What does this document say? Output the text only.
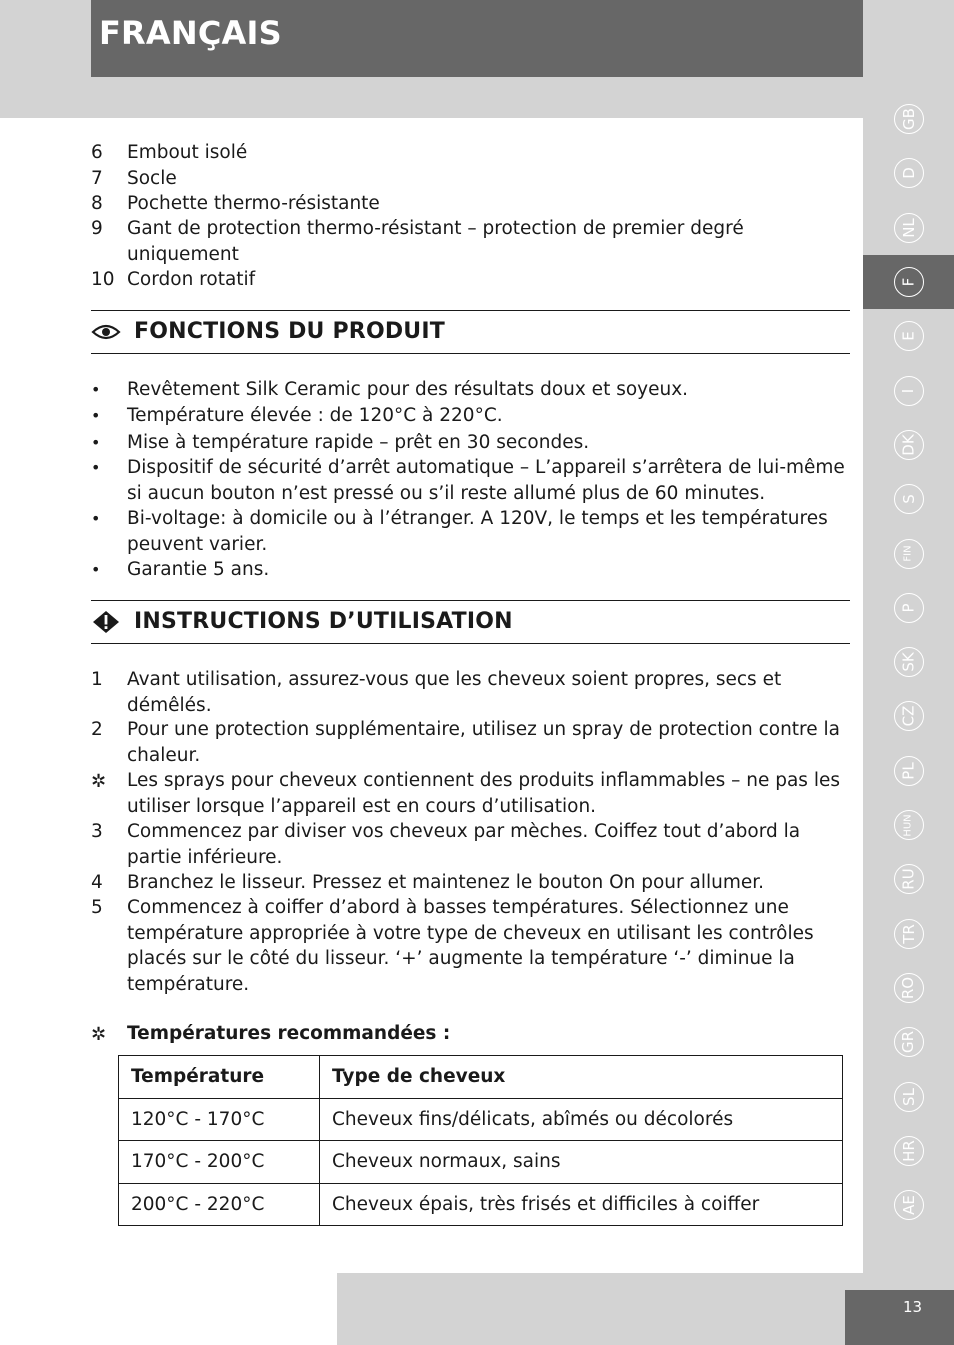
FRANÇAIS
GB
D
NL
F
E
I
DK
S
FIN
P
SK
CZ
PL
HUN
RU
TR
RO
GR
SL
HR
AE
6 Embout isolé
7 Socle
8 Pochette thermo-résistante
9 Gant de protection thermo-résistant – protection de premier degré uniquement
10 Cordon rotatif
FONCTIONS DU PRODUIT
• Revêtement Silk Ceramic pour des résultats doux et soyeux.
• Température élevée : de 120°C à 220°C.
• Mise à température rapide – prêt en 30 secondes.
• Dispositif de sécurité d’arrêt automatique – L’appareil s’arrêtera de lui-même si aucun bouton n’est pressé ou s’il reste allumé plus de 60 minutes.
• Bi-voltage: à domicile ou à l’étranger. A 120V, le temps et les températures peuvent varier.
• Garantie 5 ans.
INSTRUCTIONS D’UTILISATION
1 Avant utilisation, assurez-vous que les cheveux soient propres, secs et démêlés.
2 Pour une protection supplémentaire, utilisez un spray de protection contre la chaleur.
✲ Les sprays pour cheveux contiennent des produits inflammables – ne pas les utiliser lorsque l’appareil est en cours d’utilisation.
3 Commencez par diviser vos cheveux par mèches. Coiffez tout d’abord la partie inférieure.
4 Branchez le lisseur. Pressez et maintenez le bouton On pour allumer.
5 Commencez à coiffer d’abord à basses températures. Sélectionnez une température appropriée à votre type de cheveux en utilisant les contrôles placés sur le côté du lisseur. ‘+’ augmente la température ‘-’ diminue la température.
✲ Températures recommandées :
Température	Type de cheveux
120°C - 170°C	Cheveux fins/délicats, abîmés ou décolorés
170°C - 200°C	Cheveux normaux, sains
200°C - 220°C	Cheveux épais, très frisés et difficiles à coiffer
13
